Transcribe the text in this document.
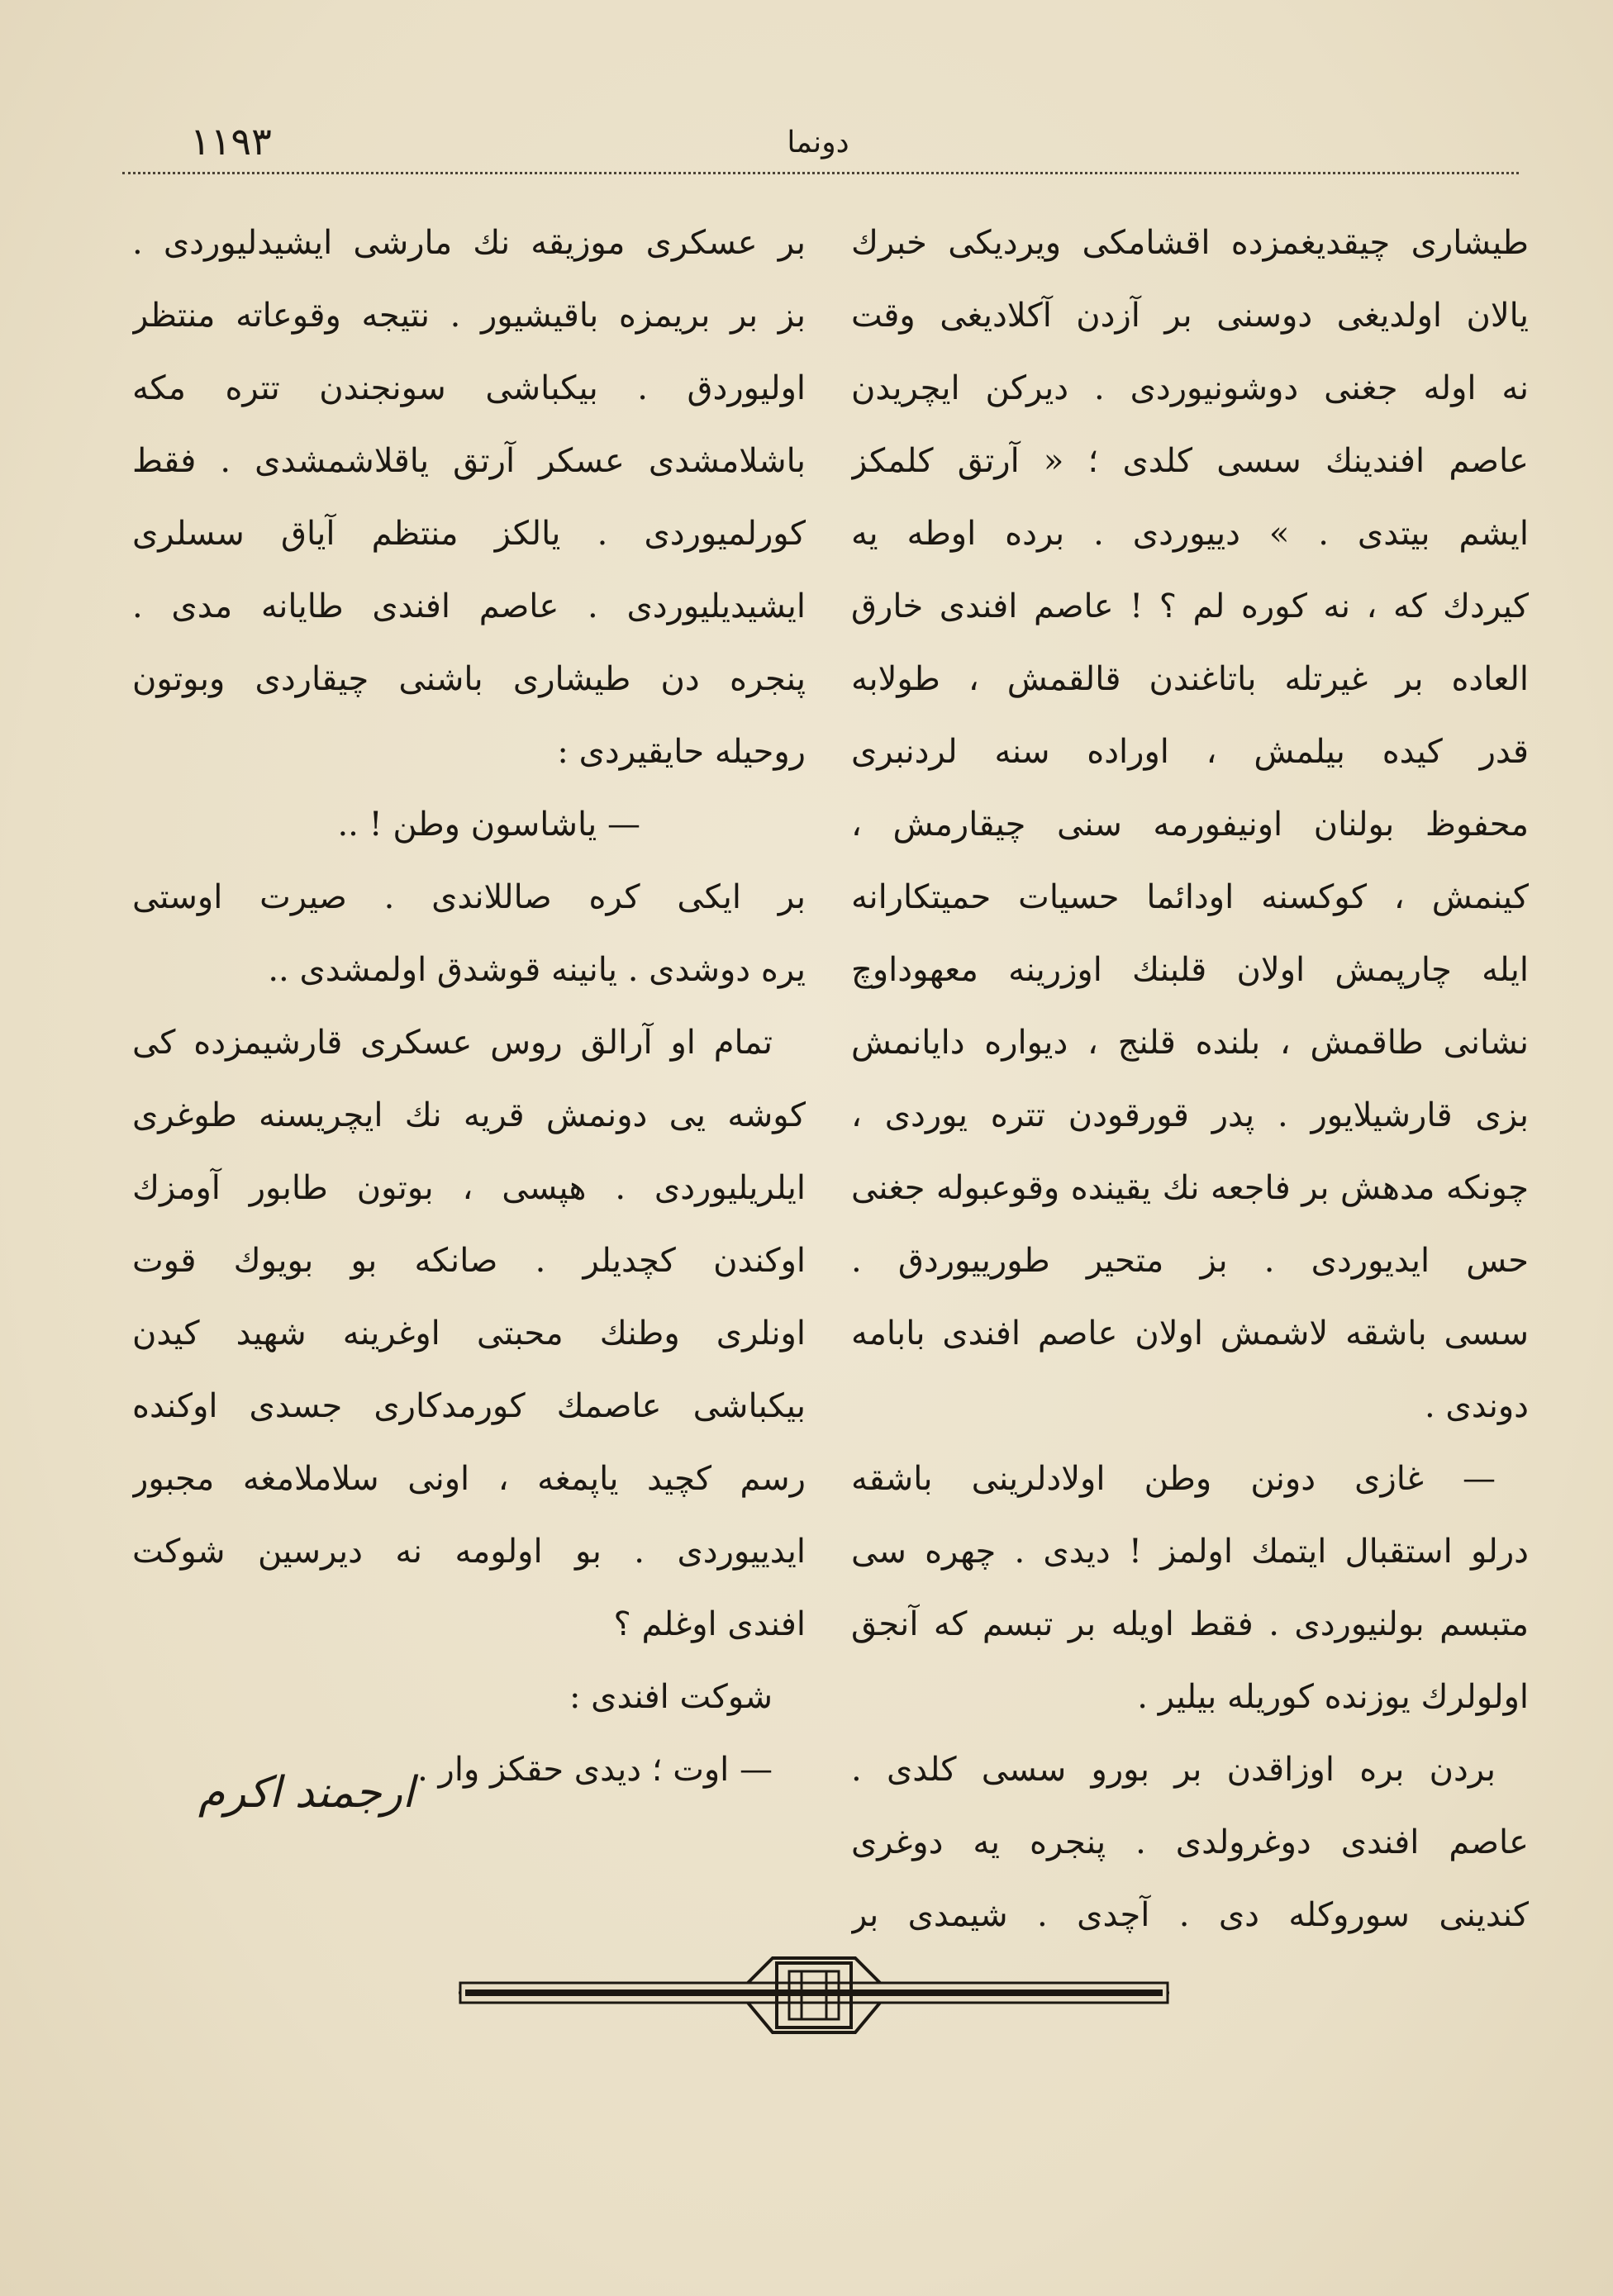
١١٩٣	دونما
طیشاری چیقدیغمزده اقشامکی ویردیکی خبرك
یالان اولدیغی دوسنی بر آزدن آکلادیغی وقت
نه اوله جغنی دوشونیوردی . دیرکن ایچریدن
عاصم افندینك سسی کلدی ؛ « آرتق کلمکز
ایشم بیتدی . » دییوردی . برده اوطه یه
کیردك که ، نه کوره لم ؟ ! عاصم افندی خارق
العاده بر غیرتله باتاغندن قالقمش ، طولابه
قدر کیده بیلمش ، اوراده سنه لردنبری
محفوظ بولنان اونیفورمه سنی چیقارمش ،
کینمش ، کوکسنه اودائما حسیات حمیتکارانه
ایله چارپمش اولان قلبنك اوزرینه معهوداوچ
نشانی طاقمش ، بلنده قلنج ، دیواره دایانمش
بزی قارشیلایور . پدر قورقودن تتره یوردی ،
چونکه مدهش بر فاجعه نك یقینده وقوعبوله جغنی
حس ایدیوردی . بز متحیر طورییوردق .
سسی باشقه لاشمش اولان عاصم افندی بابامه
دوندی .
— غازی دونن وطن اولادلرینی باشقه
درلو استقبال ایتمك اولمز ! دیدی . چهره سی
متبسم بولنیوردی . فقط اویله بر تبسم که آنجق
اولولرك یوزنده کوریله بیلیر .
بردن بره اوزاقدن بر بورو سسی کلدی .
عاصم افندی دوغرولدی . پنجره یه دوغری
کندینی سوروکله دی . آچدی . شیمدی بر
بر عسکری موزیقه نك مارشی ایشیدلیوردی .
بز بر بریمزه باقیشیور . نتیجه وقوعاته منتظر
اولیوردق . بیکباشی سونجندن تتره مکه
باشلامشدی عسکر آرتق یاقلاشمشدی . فقط
کورلمیوردی . یالکز منتظم آیاق سسلری
ایشیدیلیوردی . عاصم افندی طایانه مدی .
پنجره دن طیشاری باشنی چیقاردی وبوتون
روحیله حایقیردی :
— یاشاسون وطن ! ..
بر ایکی کره صاللاندی . صیرت اوستی
یره دوشدی . یانینه قوشدق اولمشدی ..
تمام او آرالق روس عسکری قارشیمزده کی
کوشه یی دونمش قریه نك ایچریسنه طوغری
ایلریلیوردی . هپسی ، بوتون طابور آومزك
اوکندن کچدیلر . صانکه بو بویوك قوت
اونلری وطنك محبتی اوغرینه شهید کیدن
بیکباشی عاصمك کورمدکاری جسدی اوکنده
رسم کچید یاپمغه ، اونی سلاملامغه مجبور
ایدییوردی . بو اولومه نه دیرسین شوکت
افندی اوغلم ؟
شوکت افندی :
— اوت ؛ دیدی حقکز وار .
ارجمند اکرم
